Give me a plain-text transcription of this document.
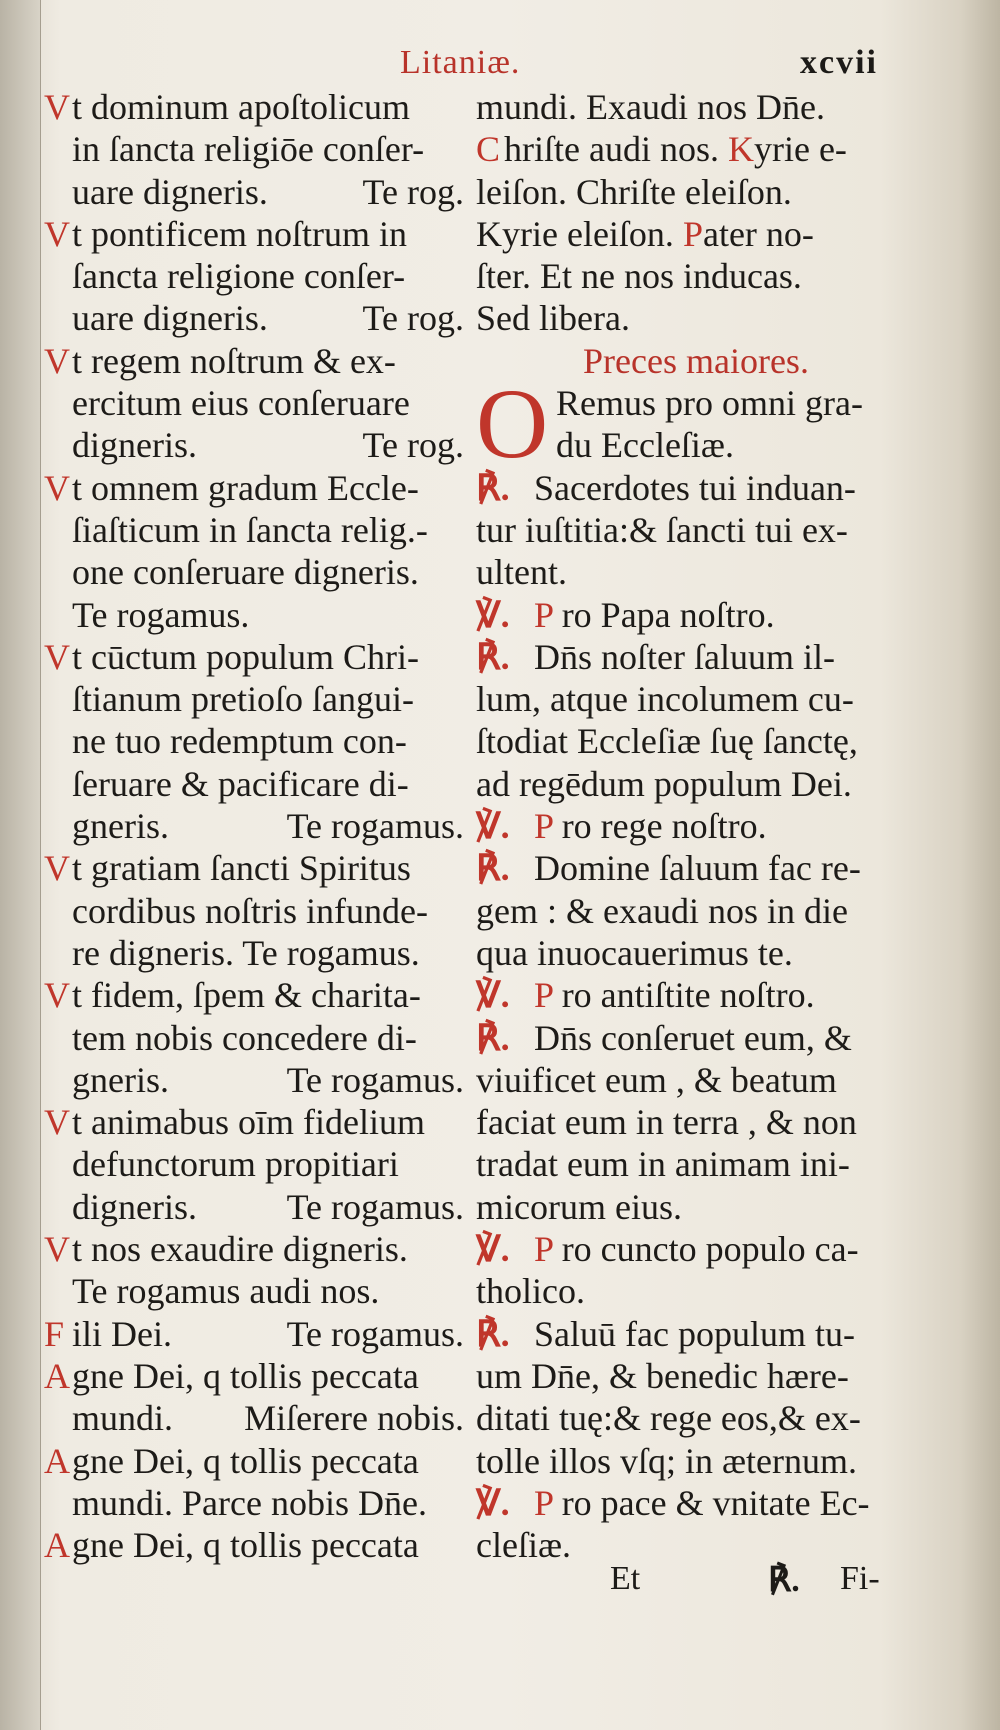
Litaniæ.	xcvii
Vt dominum apoſtolicum
in ſancta religiōe conſer-
uare digneris.	Te rog.
Vt pontificem noſtrum in
ſancta religione conſer-
uare digneris.	Te rog.
Vt regem noſtrum & ex-
ercitum eius conſeruare
digneris.	Te rog.
Vt omnem gradum Eccle-
ſiaſticum in ſancta relig.-
one conſeruare digneris.
Te rogamus.
Vt cūctum populum Chri-
ſtianum pretioſo ſangui-
ne tuo redemptum con-
ſeruare & pacificare di-
gneris.	Te rogamus.
Vt gratiam ſancti Spiritus
cordibus noſtris infunde-
re digneris. Te rogamus.
Vt fidem, ſpem & charita-
tem nobis concedere di-
gneris.	Te rogamus.
Vt animabus oīm fidelium
defunctorum propitiari
digneris. Te rogamus.
Vt nos exaudire digneris.
Te rogamus audi nos.
F ili Dei.	Te rogamus.
Agne Dei, q tollis peccata
mundi. Miſerere nobis.
Agne Dei, q tollis peccata
mundi. Parce nobis Dn̄e.
Agne Dei, q tollis peccata
mundi. Exaudi nos Dn̄e.
C hriſte audi nos. Kyrie e-
leiſon. Chriſte eleiſon.
Kyrie eleiſon. Pater no-
ſter. Et ne nos inducas.
Sed libera.
Preces maiores.
O Remus pro omni gra-
du Eccleſiæ.
℟. Sacerdotes tui induan-
tur iuſtitia:& ſancti tui ex-
ultent.
℣. P ro Papa noſtro.
℟. Dn̄s noſter ſaluum il-
lum, atque incolumem cu-
ſtodiat Eccleſiæ ſuę ſanctę,
ad regēdum populum Dei.
℣. P ro rege noſtro.
℟. Domine ſaluum fac re-
gem : & exaudi nos in die
qua inuocauerimus te.
℣. P ro antiſtite noſtro.
℟. Dn̄s conſeruet eum, &
viuificet eum , & beatum
faciat eum in terra , & non
tradat eum in animam ini-
micorum eius.
℣. P ro cuncto populo ca-
tholico.
℟. Saluū fac populum tu-
um Dn̄e, & benedic hære-
ditati tuę:& rege eos,& ex-
tolle illos vſq; in æternum.
℣. P ro pace & vnitate Ec-
cleſiæ.
Et	℟. Fi-
